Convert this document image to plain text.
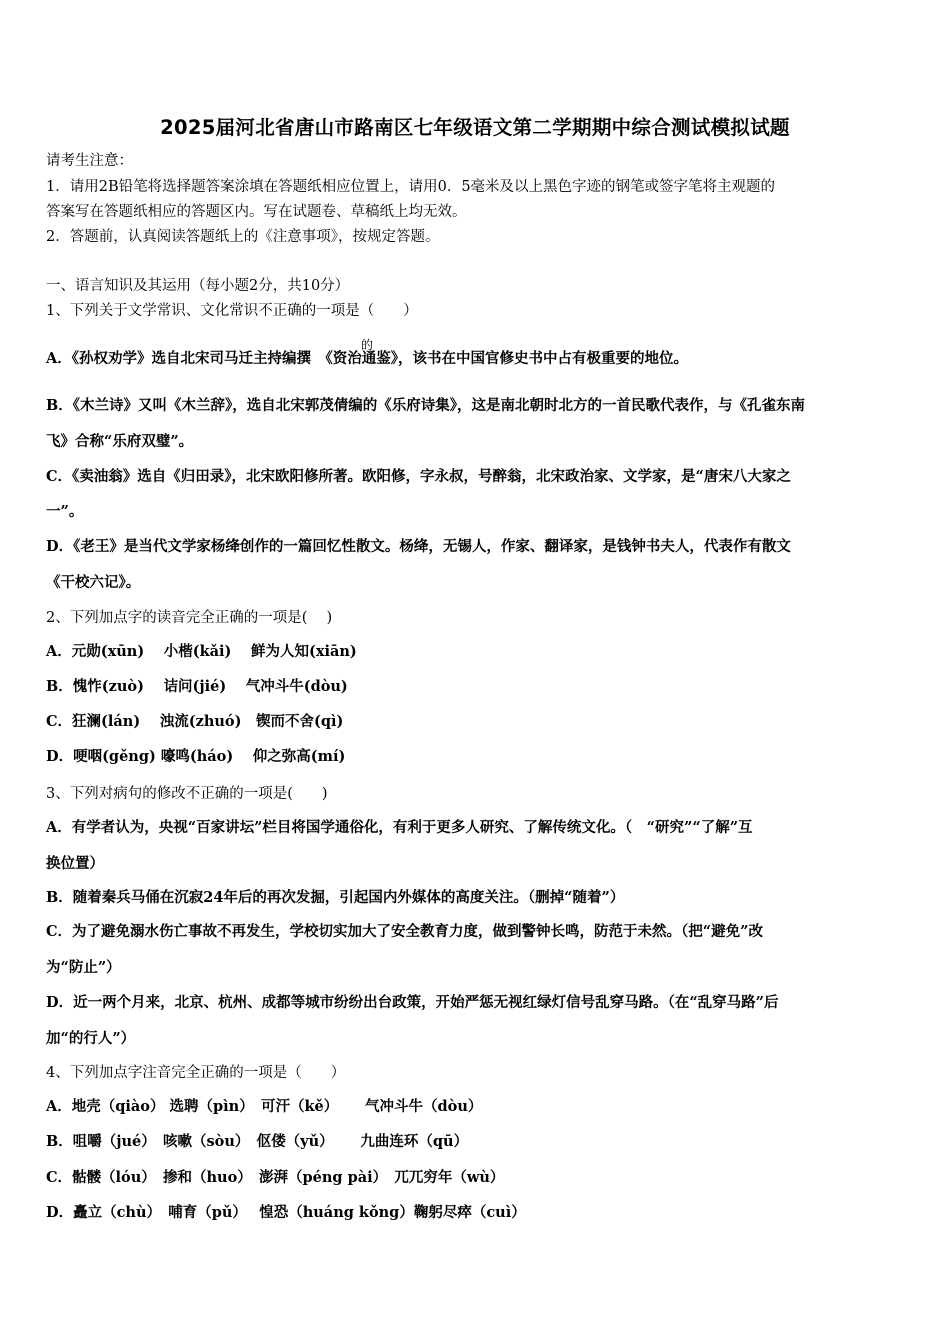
2025届河北省唐山市路南区七年级语文第二学期期中综合测试模拟试题
请考生注意：
1．请用2B铅笔将选择题答案涂填在答题纸相应位置上，请用0．5毫米及以上黑色字迹的钢笔或签字笔将主观题的
答案写在答题纸相应的答题区内。写在试题卷、草稿纸上均无效。
2．答题前，认真阅读答题纸上的《注意事项》，按规定答题。
一、语言知识及其运用（每小题2分，共10分）
1、下列关于文学常识、文化常识不正确的一项是（　　）
的
A．《孙权劝学》选自北宋司马迁主持编撰　《资治通鉴》，该书在中国官修史书中占有极重要的地位。
B．《木兰诗》又叫《木兰辞》，选自北宋郭茂倩编的《乐府诗集》，这是南北朝时北方的一首民歌代表作，与《孔雀东南
飞》合称“乐府双璧”。
C．《卖油翁》选自《归田录》，北宋欧阳修所著。欧阳修，字永叔，号醉翁，北宋政治家、文学家，是“唐宋八大家之
一”。
D．《老王》是当代文学家杨绛创作的一篇回忆性散文。杨绛，无锡人，作家、翻译家，是钱钟书夫人，代表作有散文
《干校六记》。
2、下列加点字的读音完全正确的一项是(　 )
A．元勋(xūn)　 小楷(kǎi)　 鲜为人知(xiān)
B．愧怍(zuò)　 诘问(jié)　 气冲斗牛(dòu)
C．狂澜(lán)　 浊流(zhuó)　锲而不舍(qì)
D．哽咽(gěng) 嚎鸣(háo)　 仰之弥高(mí)
3、下列对病句的修改不正确的一项是(　　)
A．有学者认为，央视“百家讲坛”栏目将国学通俗化，有利于更多人研究、了解传统文化。（　“研究”“了解”互
换位置）
B．随着秦兵马俑在沉寂24年后的再次发掘，引起国内外媒体的高度关注。（删掉“随着”）
C．为了避免溺水伤亡事故不再发生，学校切实加大了安全教育力度，做到警钟长鸣，防范于未然。（把“避免”改
为“防止”）
D．近一两个月来，北京、杭州、成都等城市纷纷出台政策，开始严惩无视红绿灯信号乱穿马路。（在“乱穿马路”后
加“的行人”）
4、下列加点字注音完全正确的一项是（　　）
A．地壳（qiào） 选聘（pìn）　可汗（kě）　　 气冲斗牛（dòu）
B．咀嚼（jué）　咳嗽（sòu）　伛偻（yǔ）　　 九曲连环（qū）
C．骷髅（lóu）　掺和（huo）　澎湃（péng pài）　兀兀穷年（wù）
D．矗立（chù）　哺育（pǔ）　 惶恐（huáng kǒng）鞠躬尽瘁（cuì）
